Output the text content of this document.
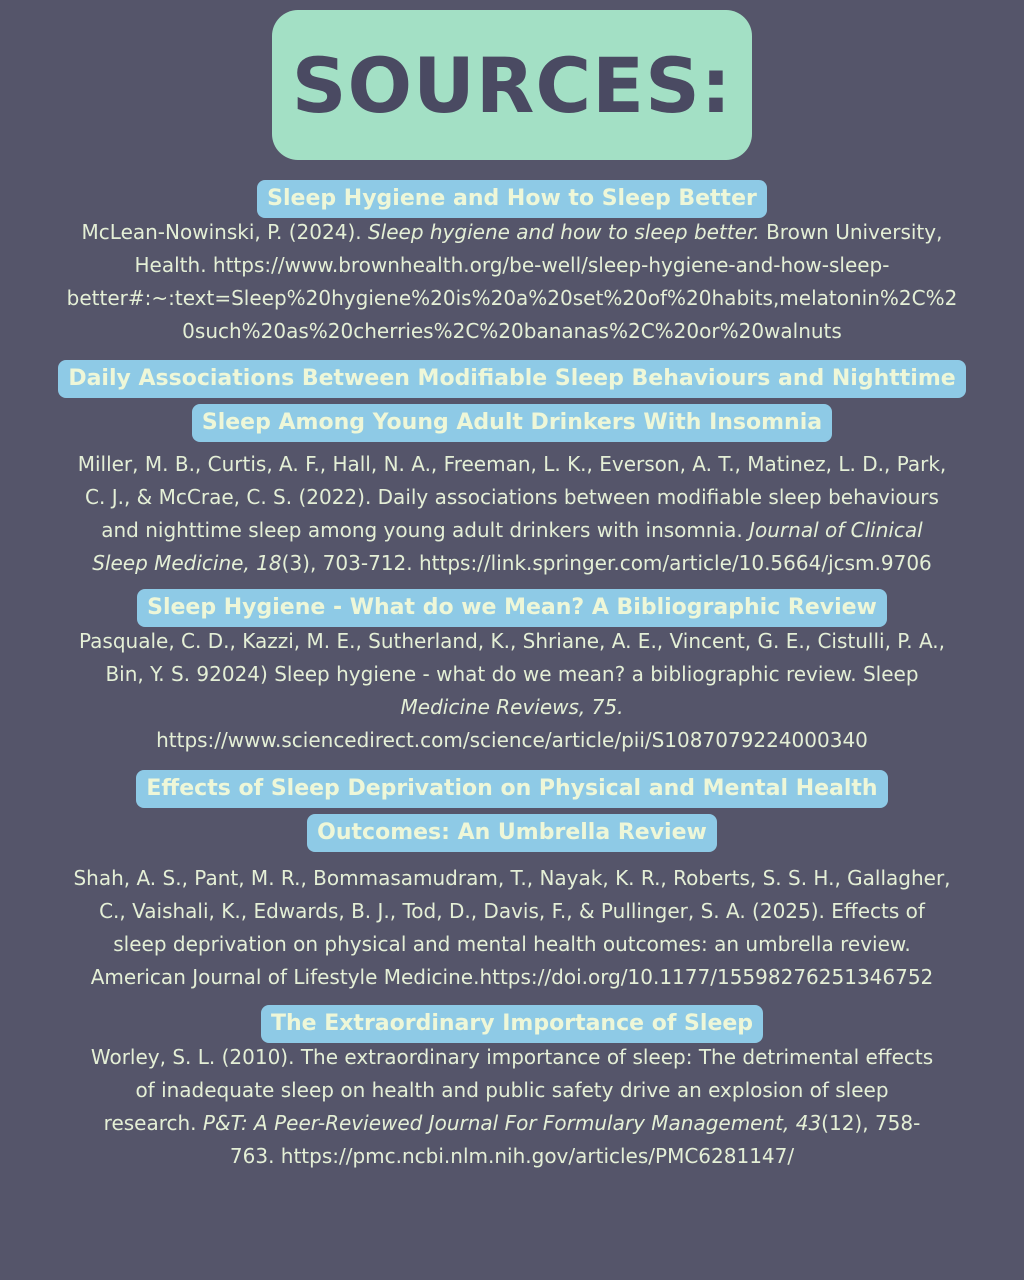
SOURCES:
Sleep Hygiene and How to Sleep Better
McLean-Nowinski, P. (2024). Sleep hygiene and how to sleep better. Brown University,
Health. https://www.brownhealth.org/be-well/sleep-hygiene-and-how-sleep-
better#:~:text=Sleep%20hygiene%20is%20a%20set%20of%20habits,melatonin%2C%2
0such%20as%20cherries%2C%20bananas%2C%20or%20walnuts
Daily Associations Between Modifiable Sleep Behaviours and Nighttime
Sleep Among Young Adult Drinkers With Insomnia
Miller, M. B., Curtis, A. F., Hall, N. A., Freeman, L. K., Everson, A. T., Matinez, L. D., Park,
C. J., & McCrae, C. S. (2022). Daily associations between modifiable sleep behaviours
and nighttime sleep among young adult drinkers with insomnia. Journal of Clinical
Sleep Medicine, 18(3), 703-712. https://link.springer.com/article/10.5664/jcsm.9706
Sleep Hygiene - What do we Mean? A Bibliographic Review
Pasquale, C. D., Kazzi, M. E., Sutherland, K., Shriane, A. E., Vincent, G. E., Cistulli, P. A.,
Bin, Y. S. 92024) Sleep hygiene - what do we mean? a bibliographic review. Sleep
Medicine Reviews, 75.
https://www.sciencedirect.com/science/article/pii/S1087079224000340
Effects of Sleep Deprivation on Physical and Mental Health
Outcomes: An Umbrella Review
Shah, A. S., Pant, M. R., Bommasamudram, T., Nayak, K. R., Roberts, S. S. H., Gallagher,
C., Vaishali, K., Edwards, B. J., Tod, D., Davis, F., & Pullinger, S. A. (2025). Effects of
sleep deprivation on physical and mental health outcomes: an umbrella review.
American Journal of Lifestyle Medicine.https://doi.org/10.1177/15598276251346752
The Extraordinary Importance of Sleep
Worley, S. L. (2010). The extraordinary importance of sleep: The detrimental effects
of inadequate sleep on health and public safety drive an explosion of sleep
research. P&T: A Peer-Reviewed Journal For Formulary Management, 43(12), 758-
763. https://pmc.ncbi.nlm.nih.gov/articles/PMC6281147/
